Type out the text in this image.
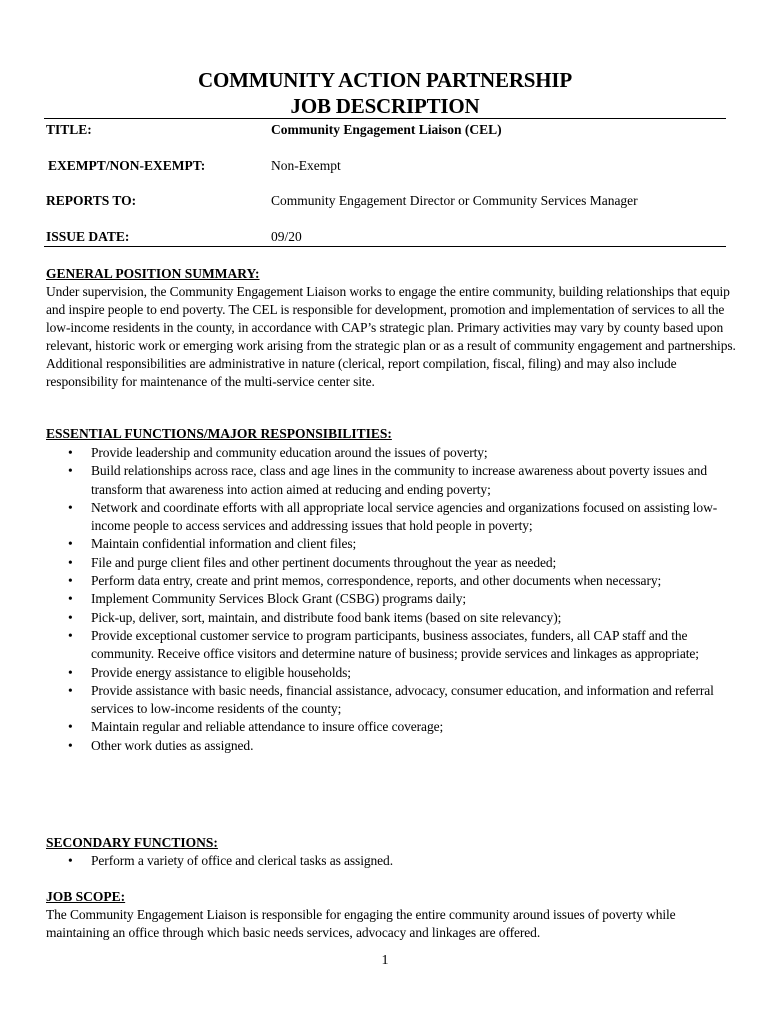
COMMUNITY ACTION PARTNERSHIP
JOB DESCRIPTION
TITLE:	Community Engagement Liaison (CEL)
EXEMPT/NON-EXEMPT:	Non-Exempt
REPORTS TO:	Community Engagement Director or Community Services Manager
ISSUE DATE:	09/20
GENERAL POSITION SUMMARY:
Under supervision, the Community Engagement Liaison works to engage the entire community, building relationships that equip and inspire people to end poverty. The CEL is responsible for development, promotion and implementation of services to all the low-income residents in the county, in accordance with CAP’s strategic plan. Primary activities may vary by county based upon relevant, historic work or emerging work arising from the strategic plan or as a result of community engagement and partnerships. Additional responsibilities are administrative in nature (clerical, report compilation, fiscal, filing) and may also include responsibility for maintenance of the multi-service center site.
ESSENTIAL FUNCTIONS/MAJOR RESPONSIBILITIES:
• Provide leadership and community education around the issues of poverty;
• Build relationships across race, class and age lines in the community to increase awareness about poverty issues and transform that awareness into action aimed at reducing and ending poverty;
• Network and coordinate efforts with all appropriate local service agencies and organizations focused on assisting low-income people to access services and addressing issues that hold people in poverty;
• Maintain confidential information and client files;
• File and purge client files and other pertinent documents throughout the year as needed;
• Perform data entry, create and print memos, correspondence, reports, and other documents when necessary;
• Implement Community Services Block Grant (CSBG) programs daily;
• Pick-up, deliver, sort, maintain, and distribute food bank items (based on site relevancy);
• Provide exceptional customer service to program participants, business associates, funders, all CAP staff and the community. Receive office visitors and determine nature of business; provide services and linkages as appropriate;
• Provide energy assistance to eligible households;
• Provide assistance with basic needs, financial assistance, advocacy, consumer education, and information and referral services to low-income residents of the county;
• Maintain regular and reliable attendance to insure office coverage;
• Other work duties as assigned.
SECONDARY FUNCTIONS:
• Perform a variety of office and clerical tasks as assigned.
JOB SCOPE:
The Community Engagement Liaison is responsible for engaging the entire community around issues of poverty while maintaining an office through which basic needs services, advocacy and linkages are offered.
1
